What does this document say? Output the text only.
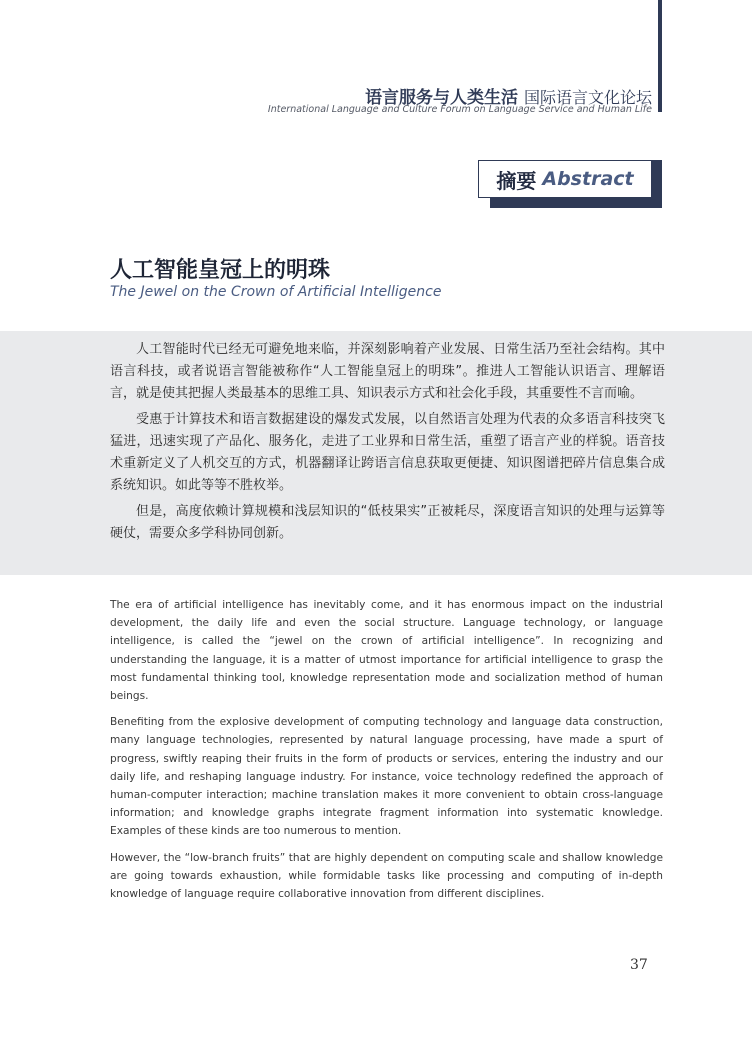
语言服务与人类生活 国际语言文化论坛
International Language and Culture Forum on Language Service and Human Life
摘要 Abstract
人工智能皇冠上的明珠
The Jewel on the Crown of Artificial Intelligence

人工智能时代已经无可避免地来临，并深刻影响着产业发展、日常生活乃至社会结构。其中语言科技，或者说语言智能被称作“人工智能皇冠上的明珠”。推进人工智能认识语言、理解语言，就是使其把握人类最基本的思维工具、知识表示方式和社会化手段，其重要性不言而喻。

受惠于计算技术和语言数据建设的爆发式发展，以自然语言处理为代表的众多语言科技突飞猛进，迅速实现了产品化、服务化，走进了工业界和日常生活，重塑了语言产业的样貌。语音技术重新定义了人机交互的方式，机器翻译让跨语言信息获取更便捷、知识图谱把碎片信息集合成系统知识。如此等等不胜枚举。

但是，高度依赖计算规模和浅层知识的“低枝果实”正被耗尽，深度语言知识的处理与运算等硬仗，需要众多学科协同创新。

The era of artificial intelligence has inevitably come, and it has enormous impact on the industrial development, the daily life and even the social structure. Language technology, or language intelligence, is called the “jewel on the crown of artificial intelligence”. In recognizing and understanding the language, it is a matter of utmost importance for artificial intelligence to grasp the most fundamental thinking tool, knowledge representation mode and socialization method of human beings.

Benefiting from the explosive development of computing technology and language data construction, many language technologies, represented by natural language processing, have made a spurt of progress, swiftly reaping their fruits in the form of products or services, entering the industry and our daily life, and reshaping language industry. For instance, voice technology redefined the approach of human-computer interaction; machine translation makes it more convenient to obtain cross-language information; and knowledge graphs integrate fragment information into systematic knowledge. Examples of these kinds are too numerous to mention.

However, the “low-branch fruits” that are highly dependent on computing scale and shallow knowledge are going towards exhaustion, while formidable tasks like processing and computing of in-depth knowledge of language require collaborative innovation from different disciplines.

37
